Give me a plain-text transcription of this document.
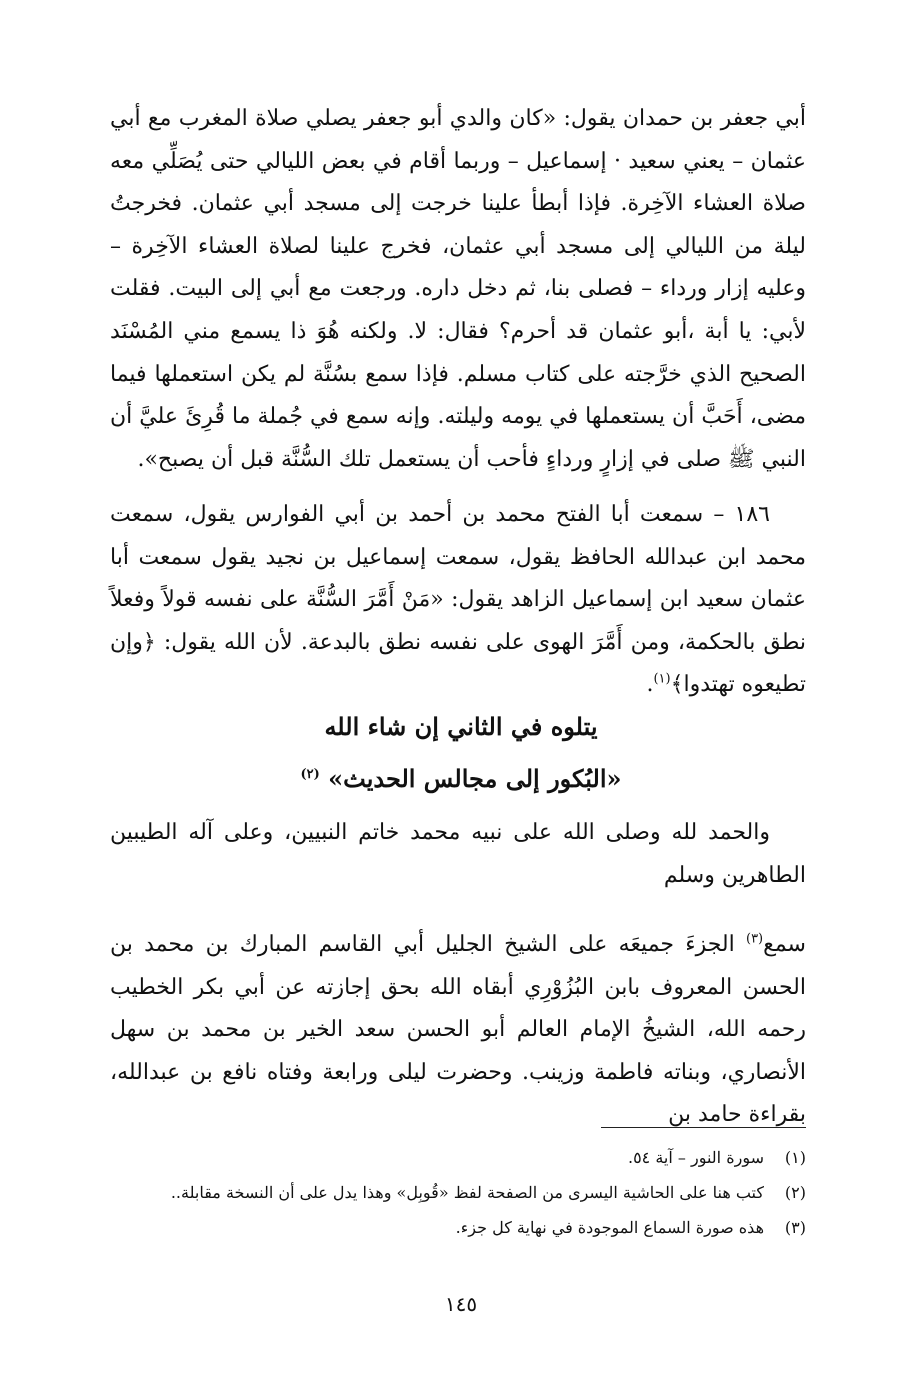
أبي جعفر بن حمدان يقول: «كان والدي أبو جعفر يصلي صلاة المغرب مع أبي عثمان – يعني سعيد · إسماعيل – وربما أقام في بعض الليالي حتى يُصَلِّي معه صلاة العشاء الآخِرة. فإذا أبطأ علينا خرجت إلى مسجد أبي عثمان. فخرجتُ ليلة من الليالي إلى مسجد أبي عثمان، فخرج علينا لصلاة العشاء الآخِرة – وعليه إزار ورداء – فصلى بنا، ثم دخل داره. ورجعت مع أبي إلى البيت. فقلت لأبي: يا أبة ،أبو عثمان قد أحرم؟ فقال: لا. ولكنه هُوَ ذا يسمع مني المُسْنَد الصحيح الذي خرَّجته على كتاب مسلم. فإذا سمع بسُنَّة لم يكن استعملها فيما مضى، أَحَبَّ أن يستعملها في يومه وليلته. وإنه سمع في جُملة ما قُرِئَ عليَّ أن النبي ﷺ صلى في إزارٍ ورداءٍ فأحب أن يستعمل تلك السُّنَّة قبل أن يصبح».
١٨٦ – سمعت أبا الفتح محمد بن أحمد بن أبي الفوارس يقول، سمعت محمد ابن عبدالله الحافظ يقول، سمعت إسماعيل بن نجيد يقول سمعت أبا عثمان سعيد ابن إسماعيل الزاهد يقول: «مَنْ أَمَّرَ السُّنَّة على نفسه قولاً وفعلاً نطق بالحكمة، ومن أَمَّرَ الهوى على نفسه نطق بالبدعة. لأن الله يقول: ﴿وإن تطيعوه تهتدوا﴾$^{(١)}$.
يتلوه في الثاني إن شاء الله
«البُكور إلى مجالس الحديث» $^{(٢)}$
والحمد لله وصلى الله على نبيه محمد خاتم النبيين، وعلى آله الطيبين الطاهرين وسلم
سمع$^{(٣)}$ الجزءَ جميعَه على الشيخ الجليل أبي القاسم المبارك بن محمد بن الحسن المعروف بابن البُزُوْرِي أبقاه الله بحق إجازته عن أبي بكر الخطيب رحمه الله، الشيخُ الإمام العالم أبو الحسن سعد الخير بن محمد بن سهل الأنصاري، وبناته فاطمة وزينب. وحضرت ليلى ورابعة وفتاه نافع بن عبدالله، بقراءة حامد بن
(١)
سورة النور – آية ٥٤.
(٢)
كتب هنا على الحاشية اليسرى من الصفحة لفظ «قُوبِل» وهذا يدل على أن النسخة مقابلة..
(٣)
هذه صورة السماع الموجودة في نهاية كل جزء.
١٤٥
